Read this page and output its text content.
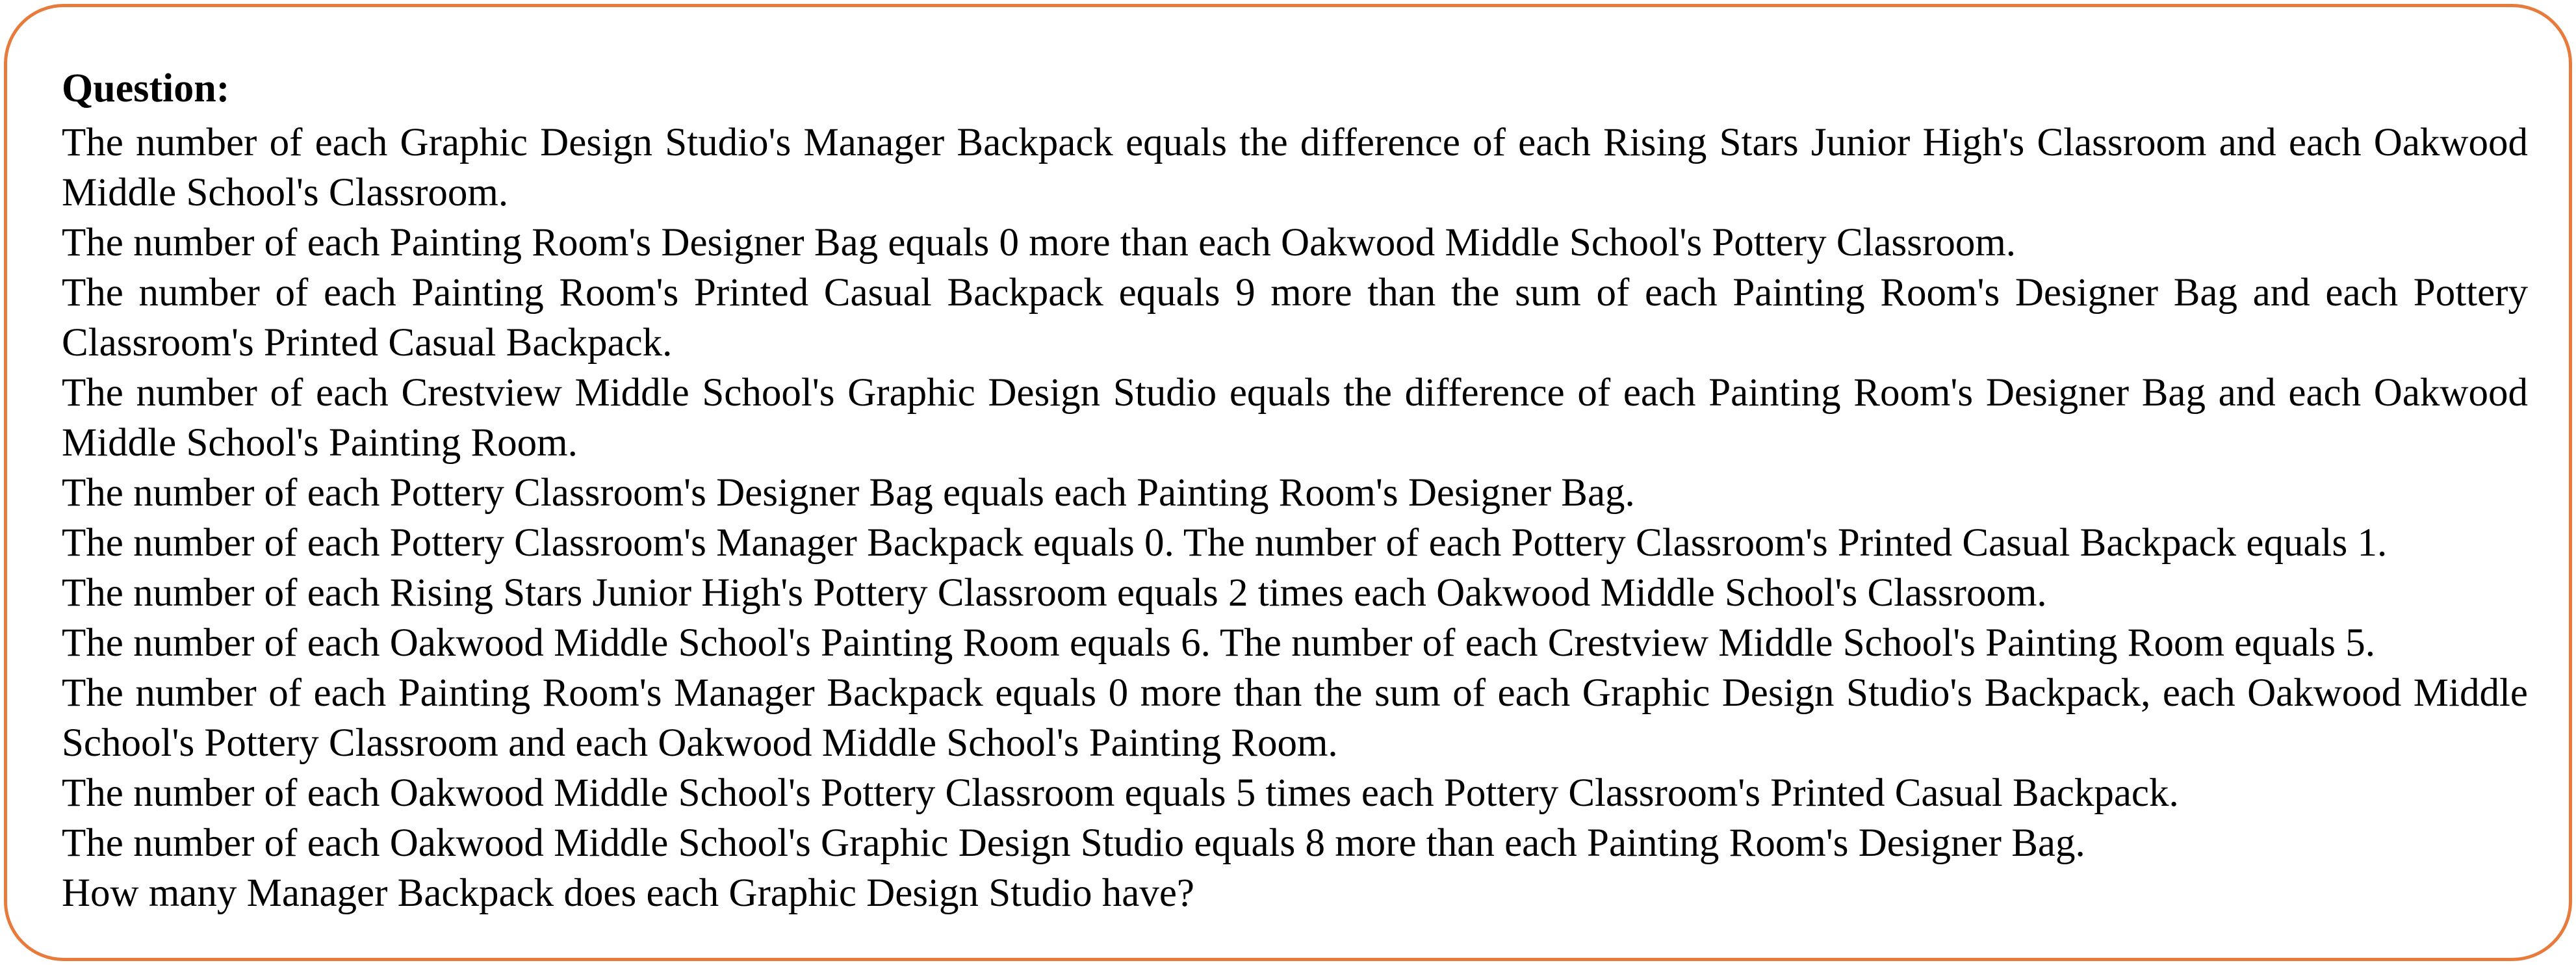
Question:

The number of each Graphic Design Studio's Manager Backpack equals the difference of each Rising Stars Junior High's Classroom and each Oakwood Middle School's Classroom.

The number of each Painting Room's Designer Bag equals 0 more than each Oakwood Middle School's Pottery Classroom.

The number of each Painting Room's Printed Casual Backpack equals 9 more than the sum of each Painting Room's Designer Bag and each Pottery Classroom's Printed Casual Backpack.

The number of each Crestview Middle School's Graphic Design Studio equals the difference of each Painting Room's Designer Bag and each Oakwood Middle School's Painting Room.

The number of each Pottery Classroom's Designer Bag equals each Painting Room's Designer Bag.

The number of each Pottery Classroom's Manager Backpack equals 0. The number of each Pottery Classroom's Printed Casual Backpack equals 1.

The number of each Rising Stars Junior High's Pottery Classroom equals 2 times each Oakwood Middle School's Classroom.

The number of each Oakwood Middle School's Painting Room equals 6. The number of each Crestview Middle School's Painting Room equals 5.

The number of each Painting Room's Manager Backpack equals 0 more than the sum of each Graphic Design Studio's Backpack, each Oakwood Middle School's Pottery Classroom and each Oakwood Middle School's Painting Room.

The number of each Oakwood Middle School's Pottery Classroom equals 5 times each Pottery Classroom's Printed Casual Backpack.

The number of each Oakwood Middle School's Graphic Design Studio equals 8 more than each Painting Room's Designer Bag.

How many Manager Backpack does each Graphic Design Studio have?
